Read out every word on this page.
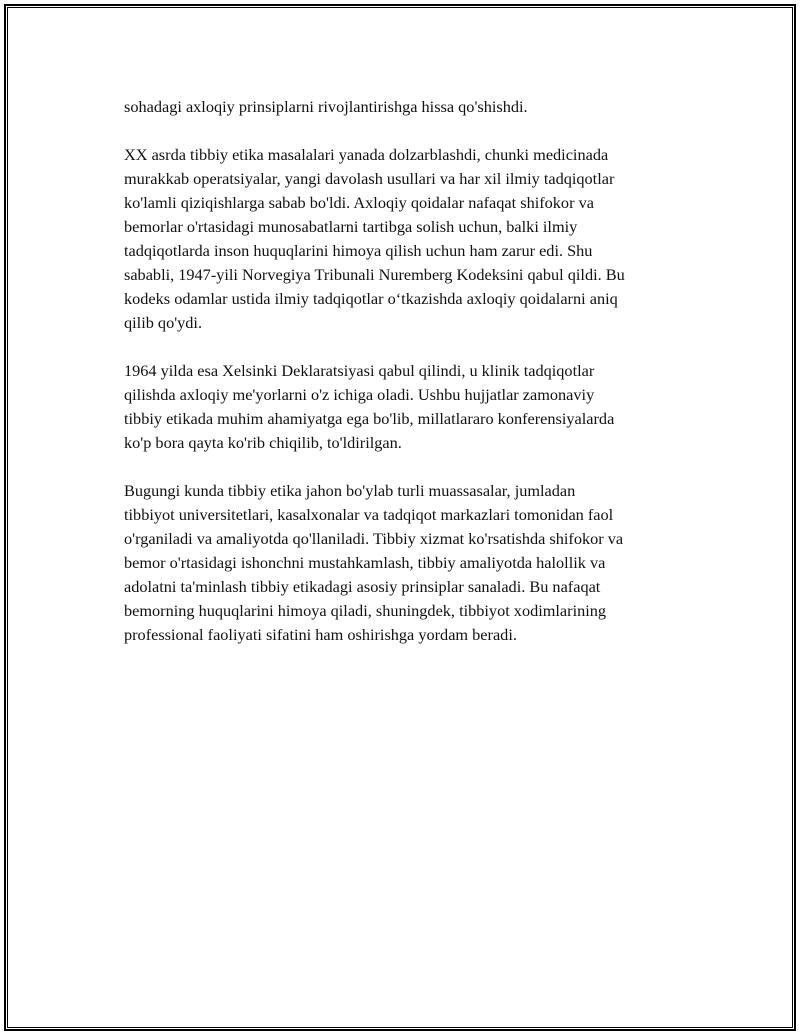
sohadagi axloqiy prinsiplarni rivojlantirishga hissa qo'shishdi.

XX asrda tibbiy etika masalalari yanada dolzarblashdi, chunki medicinada
murakkab operatsiyalar, yangi davolash usullari va har xil ilmiy tadqiqotlar
ko'lamli qiziqishlarga sabab bo'ldi. Axloqiy qoidalar nafaqat shifokor va
bemorlar o'rtasidagi munosabatlarni tartibga solish uchun, balki ilmiy
tadqiqotlarda inson huquqlarini himoya qilish uchun ham zarur edi. Shu
sababli, 1947-yili Norvegiya Tribunali Nuremberg Kodeksini qabul qildi. Bu
kodeks odamlar ustida ilmiy tadqiqotlar oʻtkazishda axloqiy qoidalarni aniq
qilib qo'ydi.

1964 yilda esa Xelsinki Deklaratsiyasi qabul qilindi, u klinik tadqiqotlar
qilishda axloqiy me'yorlarni o'z ichiga oladi. Ushbu hujjatlar zamonaviy
tibbiy etikada muhim ahamiyatga ega bo'lib, millatlararo konferensiyalarda
ko'p bora qayta ko'rib chiqilib, to'ldirilgan.

Bugungi kunda tibbiy etika jahon bo'ylab turli muassasalar, jumladan
tibbiyot universitetlari, kasalxonalar va tadqiqot markazlari tomonidan faol
o'rganiladi va amaliyotda qo'llaniladi. Tibbiy xizmat ko'rsatishda shifokor va
bemor o'rtasidagi ishonchni mustahkamlash, tibbiy amaliyotda halollik va
adolatni ta'minlash tibbiy etikadagi asosiy prinsiplar sanaladi. Bu nafaqat
bemorning huquqlarini himoya qiladi, shuningdek, tibbiyot xodimlarining
professional faoliyati sifatini ham oshirishga yordam beradi.
